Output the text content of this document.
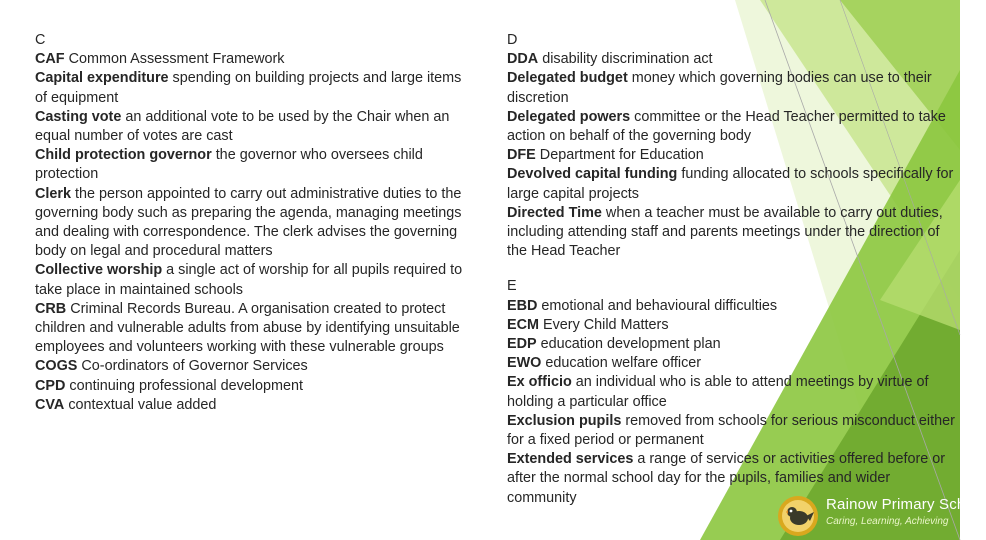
C
CAF Common Assessment Framework
Capital expenditure spending on building projects and large items of equipment
Casting vote an additional vote to be used by the Chair when an equal number of votes are cast
Child protection governor the governor who oversees child protection
Clerk the person appointed to carry out administrative duties to the governing body such as preparing the agenda, managing meetings and dealing with correspondence. The clerk advises the governing body on legal and procedural matters
Collective worship a single act of worship for all pupils required to take place in maintained schools
CRB Criminal Records Bureau. A organisation created to protect children and vulnerable adults from abuse by identifying unsuitable employees and volunteers working with these vulnerable groups
COGS Co-ordinators of Governor Services
CPD continuing professional development
CVA contextual value added
D
DDA disability discrimination act
Delegated budget money which governing bodies can use to their discretion
Delegated powers committee or the Head Teacher permitted to take action on behalf of the governing body
DFE Department for Education
Devolved capital funding funding allocated to schools specifically for large capital projects
Directed Time when a teacher must be available to carry out duties, including attending staff and parents meetings under the direction of the Head Teacher
E
EBD emotional and behavioural difficulties
ECM Every Child Matters
EDP education development plan
EWO education welfare officer
Ex officio an individual who is able to attend meetings by virtue of holding a particular office
Exclusion pupils removed from schools for serious misconduct either for a fixed period or permanent
Extended services a range of services or activities offered before or after the normal school day for the pupils, families and wider community	Rainow Primary School
Caring, Learning, Achieving
